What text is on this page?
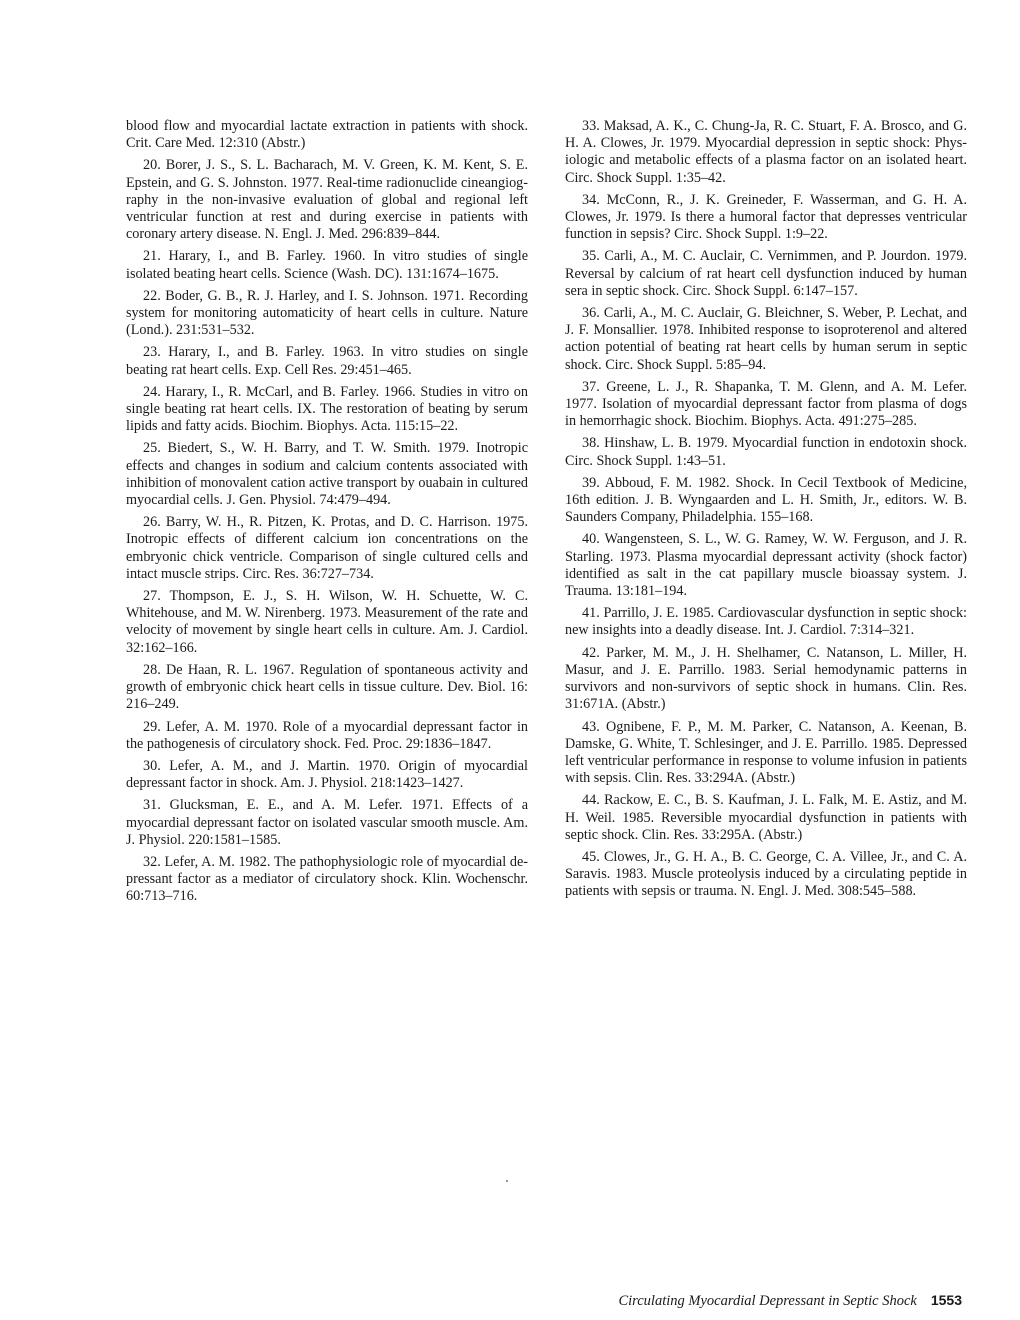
blood flow and myocardial lactate extraction in patients with shock. Crit. Care Med. 12:310 (Abstr.)

20. Borer, J. S., S. L. Bacharach, M. V. Green, K. M. Kent, S. E. Epstein, and G. S. Johnston. 1977. Real-time radionuclide cineangiography in the non-invasive evaluation of global and regional left ventricular function at rest and during exercise in patients with coronary artery disease. N. Engl. J. Med. 296:839–844.

21. Harary, I., and B. Farley. 1960. In vitro studies of single isolated beating heart cells. Science (Wash. DC). 131:1674–1675.

22. Boder, G. B., R. J. Harley, and I. S. Johnson. 1971. Recording system for monitoring automaticity of heart cells in culture. Nature (Lond.). 231:531–532.

23. Harary, I., and B. Farley. 1963. In vitro studies on single beating rat heart cells. Exp. Cell Res. 29:451–465.

24. Harary, I., R. McCarl, and B. Farley. 1966. Studies in vitro on single beating rat heart cells. IX. The restoration of beating by serum lipids and fatty acids. Biochim. Biophys. Acta. 115:15–22.

25. Biedert, S., W. H. Barry, and T. W. Smith. 1979. Inotropic effects and changes in sodium and calcium contents associated with inhibition of monovalent cation active transport by ouabain in cultured myocardial cells. J. Gen. Physiol. 74:479–494.

26. Barry, W. H., R. Pitzen, K. Protas, and D. C. Harrison. 1975. Inotropic effects of different calcium ion concentrations on the embryonic chick ventricle. Comparison of single cultured cells and intact muscle strips. Circ. Res. 36:727–734.

27. Thompson, E. J., S. H. Wilson, W. H. Schuette, W. C. Whitehouse, and M. W. Nirenberg. 1973. Measurement of the rate and velocity of movement by single heart cells in culture. Am. J. Cardiol. 32:162–166.

28. De Haan, R. L. 1967. Regulation of spontaneous activity and growth of embryonic chick heart cells in tissue culture. Dev. Biol. 16: 216–249.

29. Lefer, A. M. 1970. Role of a myocardial depressant factor in the pathogenesis of circulatory shock. Fed. Proc. 29:1836–1847.

30. Lefer, A. M., and J. Martin. 1970. Origin of myocardial depressant factor in shock. Am. J. Physiol. 218:1423–1427.

31. Glucksman, E. E., and A. M. Lefer. 1971. Effects of a myocardial depressant factor on isolated vascular smooth muscle. Am. J. Physiol. 220:1581–1585.

32. Lefer, A. M. 1982. The pathophysiologic role of myocardial depressant factor as a mediator of circulatory shock. Klin. Wochenschr. 60:713–716.

33. Maksad, A. K., C. Chung-Ja, R. C. Stuart, F. A. Brosco, and G. H. A. Clowes, Jr. 1979. Myocardial depression in septic shock: Physiologic and metabolic effects of a plasma factor on an isolated heart. Circ. Shock Suppl. 1:35–42.

34. McConn, R., J. K. Greineder, F. Wasserman, and G. H. A. Clowes, Jr. 1979. Is there a humoral factor that depresses ventricular function in sepsis? Circ. Shock Suppl. 1:9–22.

35. Carli, A., M. C. Auclair, C. Vernimmen, and P. Jourdon. 1979. Reversal by calcium of rat heart cell dysfunction induced by human sera in septic shock. Circ. Shock Suppl. 6:147–157.

36. Carli, A., M. C. Auclair, G. Bleichner, S. Weber, P. Lechat, and J. F. Monsallier. 1978. Inhibited response to isoproterenol and altered action potential of beating rat heart cells by human serum in septic shock. Circ. Shock Suppl. 5:85–94.

37. Greene, L. J., R. Shapanka, T. M. Glenn, and A. M. Lefer. 1977. Isolation of myocardial depressant factor from plasma of dogs in hemorrhagic shock. Biochim. Biophys. Acta. 491:275–285.

38. Hinshaw, L. B. 1979. Myocardial function in endotoxin shock. Circ. Shock Suppl. 1:43–51.

39. Abboud, F. M. 1982. Shock. In Cecil Textbook of Medicine, 16th edition. J. B. Wyngaarden and L. H. Smith, Jr., editors. W. B. Saunders Company, Philadelphia. 155–168.

40. Wangensteen, S. L., W. G. Ramey, W. W. Ferguson, and J. R. Starling. 1973. Plasma myocardial depressant activity (shock factor) identified as salt in the cat papillary muscle bioassay system. J. Trauma. 13:181–194.

41. Parrillo, J. E. 1985. Cardiovascular dysfunction in septic shock: new insights into a deadly disease. Int. J. Cardiol. 7:314–321.

42. Parker, M. M., J. H. Shelhamer, C. Natanson, L. Miller, H. Masur, and J. E. Parrillo. 1983. Serial hemodynamic patterns in survivors and non-survivors of septic shock in humans. Clin. Res. 31:671A. (Abstr.)

43. Ognibene, F. P., M. M. Parker, C. Natanson, A. Keenan, B. Damske, G. White, T. Schlesinger, and J. E. Parrillo. 1985. Depressed left ventricular performance in response to volume infusion in patients with sepsis. Clin. Res. 33:294A. (Abstr.)

44. Rackow, E. C., B. S. Kaufman, J. L. Falk, M. E. Astiz, and M. H. Weil. 1985. Reversible myocardial dysfunction in patients with septic shock. Clin. Res. 33:295A. (Abstr.)

45. Clowes, Jr., G. H. A., B. C. George, C. A. Villee, Jr., and C. A. Saravis. 1983. Muscle proteolysis induced by a circulating peptide in patients with sepsis or trauma. N. Engl. J. Med. 308:545–588.

Circulating Myocardial Depressant in Septic Shock 1553
